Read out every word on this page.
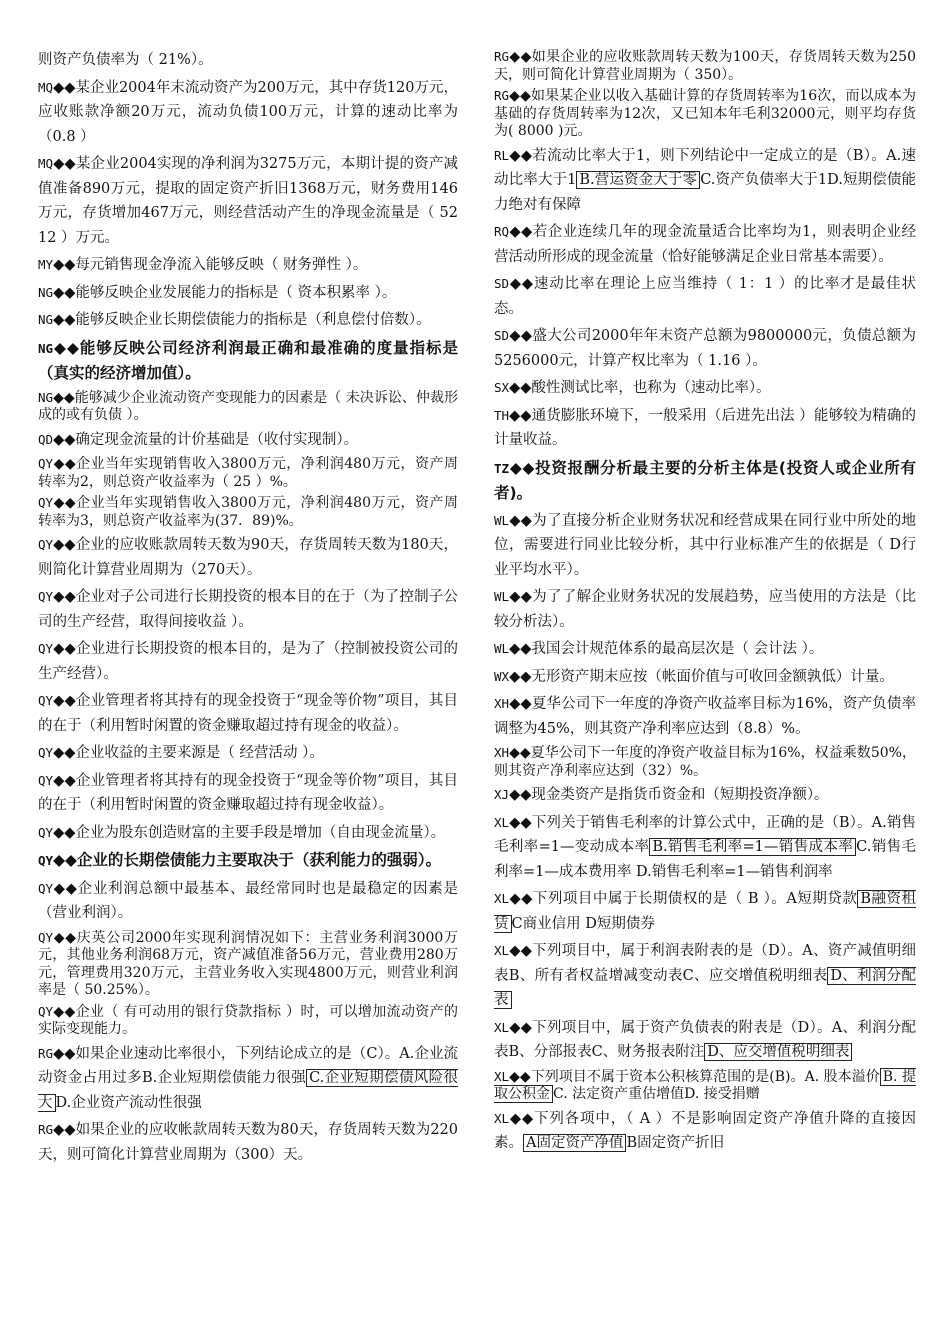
则资产负债率为（ 21%）。

MQ◆◆某企业2004年末流动资产为200万元，其中存货120万元，应收账款净额20万元，流动负债100万元，计算的速动比率为（0.8 ）

MQ◆◆某企业2004实现的净利润为3275万元，本期计提的资产减值准备890万元，提取的固定资产折旧1368万元，财务费用146万元，存货增加467万元，则经营活动产生的净现金流量是（ 5212 ）万元。

MY◆◆每元销售现金净流入能够反映（ 财务弹性 ）。

NG◆◆能够反映企业发展能力的指标是（ 资本积累率 ）。

NG◆◆能够反映企业长期偿债能力的指标是（利息偿付倍数）。

NG◆◆能够反映公司经济利润最正确和最准确的度量指标是（真实的经济增加值）。

NG◆◆能够减少企业流动资产变现能力的因素是（ 未决诉讼、仲裁形成的或有负债 ）。

QD◆◆确定现金流量的计价基础是（收付实现制）。

QY◆◆企业当年实现销售收入3800万元，净利润480万元，资产周转率为2，则总资产收益率为（ 25 ）%。

QY◆◆企业当年实现销售收入3800万元，净利润480万元，资产周转率为3，则总资产收益率为(37．89)%。

QY◆◆企业的应收账款周转天数为90天，存货周转天数为180天，则简化计算营业周期为（270天）。

QY◆◆企业对子公司进行长期投资的根本目的在于（为了控制子公司的生产经营，取得间接收益 ）。

QY◆◆企业进行长期投资的根本目的，是为了（控制被投资公司的生产经营）。

QY◆◆企业管理者将其持有的现金投资于“现金等价物”项目，其目的在于（利用暂时闲置的资金赚取超过持有现金的收益）。

QY◆◆企业收益的主要来源是（ 经营活动 ）。

QY◆◆企业管理者将其持有的现金投资于“现金等价物”项目，其目的在于（利用暂时闲置的资金赚取超过持有现金收益）。

QY◆◆企业为股东创造财富的主要手段是增加（自由现金流量）。

QY◆◆企业的长期偿债能力主要取决于（获利能力的强弱）。

QY◆◆企业利润总额中最基本、最经常同时也是最稳定的因素是（营业利润）。

QY◆◆庆英公司2000年实现利润情况如下：主营业务利润3000万元，其他业务利润68万元，资产减值准备56万元，营业费用280万元，管理费用320万元，主营业务收入实现4800万元，则营业利润率是（ 50.25%）。

QY◆◆企业（ 有可动用的银行贷款指标 ）时，可以增加流动资产的实际变现能力。

RG◆◆如果企业速动比率很小，下列结论成立的是（C）。A.企业流动资金占用过多B.企业短期偿债能力很强 C.企业短期偿债风险很大 D.企业资产流动性很强

RG◆◆如果企业的应收帐款周转天数为80天，存货周转天数为220天，则可简化计算营业周期为（300）天。

RG◆◆如果企业的应收账款周转天数为100天，存货周转天数为250天，则可简化计算营业周期为（ 350）。

RG◆◆如果某企业以收入基础计算的存货周转率为16次，而以成本为基础的存货周转率为12次，又已知本年毛利32000元，则平均存货为( 8000 )元。

RL◆◆若流动比率大于1，则下列结论中一定成立的是（B）。A.速动比率大于1 B.营运资金大于零 C.资产负债率大于1D.短期偿债能力绝对有保障

RQ◆◆若企业连续几年的现金流量适合比率均为1，则表明企业经营活动所形成的现金流量（恰好能够满足企业日常基本需要）。

SD◆◆速动比率在理论上应当维持（ 1：1 ）的比率才是最佳状态。

SD◆◆盛大公司2000年年末资产总额为9800000元，负债总额为5256000元，计算产权比率为（ 1.16 ）。

SX◆◆酸性测试比率，也称为（速动比率）。

TH◆◆通货膨胀环境下，一般采用（后进先出法 ）能够较为精确的计量收益。

TZ◆◆投资报酬分析最主要的分析主体是(投资人或企业所有者)。

WL◆◆为了直接分析企业财务状况和经营成果在同行业中所处的地位，需要进行同业比较分析，其中行业标准产生的依据是（ D行业平均水平）。

WL◆◆为了了解企业财务状况的发展趋势，应当使用的方法是（比较分析法）。

WL◆◆我国会计规范体系的最高层次是（ 会计法 ）。

WX◆◆无形资产期末应按（帐面价值与可收回金额孰低）计量。

XH◆◆夏华公司下一年度的净资产收益率目标为16%，资产负债率调整为45%，则其资产净利率应达到（8.8）%。

XH◆◆夏华公司下一年度的净资产收益目标为16%，权益乘数50%，则其资产净利率应达到（32）%。

XJ◆◆现金类资产是指货币资金和（短期投资净额）。

XL◆◆下列关于销售毛利率的计算公式中，正确的是（B）。A.销售毛利率=1—变动成本率 B.销售毛利率=1—销售成本率 C.销售毛利率=1—成本费用率 D.销售毛利率=1—销售利润率

XL◆◆下列项目中属于长期债权的是（ B ）。A短期贷款 B融资租赁 C商业信用 D短期债券

XL◆◆下列项目中，属于利润表附表的是（D）。A、资产减值明细表B、所有者权益增减变动表C、应交增值税明细表 D、利润分配表

XL◆◆下列项目中，属于资产负债表的附表是（D）。A、利润分配表B、分部报表C、财务报表附注 D、应交增值税明细表

XL◆◆下列项目不属于资本公积核算范围的是(B)。A. 股本溢价 B. 提取公积金 C. 法定资产重估增值D. 接受捐赠

XL◆◆下列各项中，（ A ）不是影响固定资产净值升降的直接因素。 A固定资产净值 B固定资产折旧
